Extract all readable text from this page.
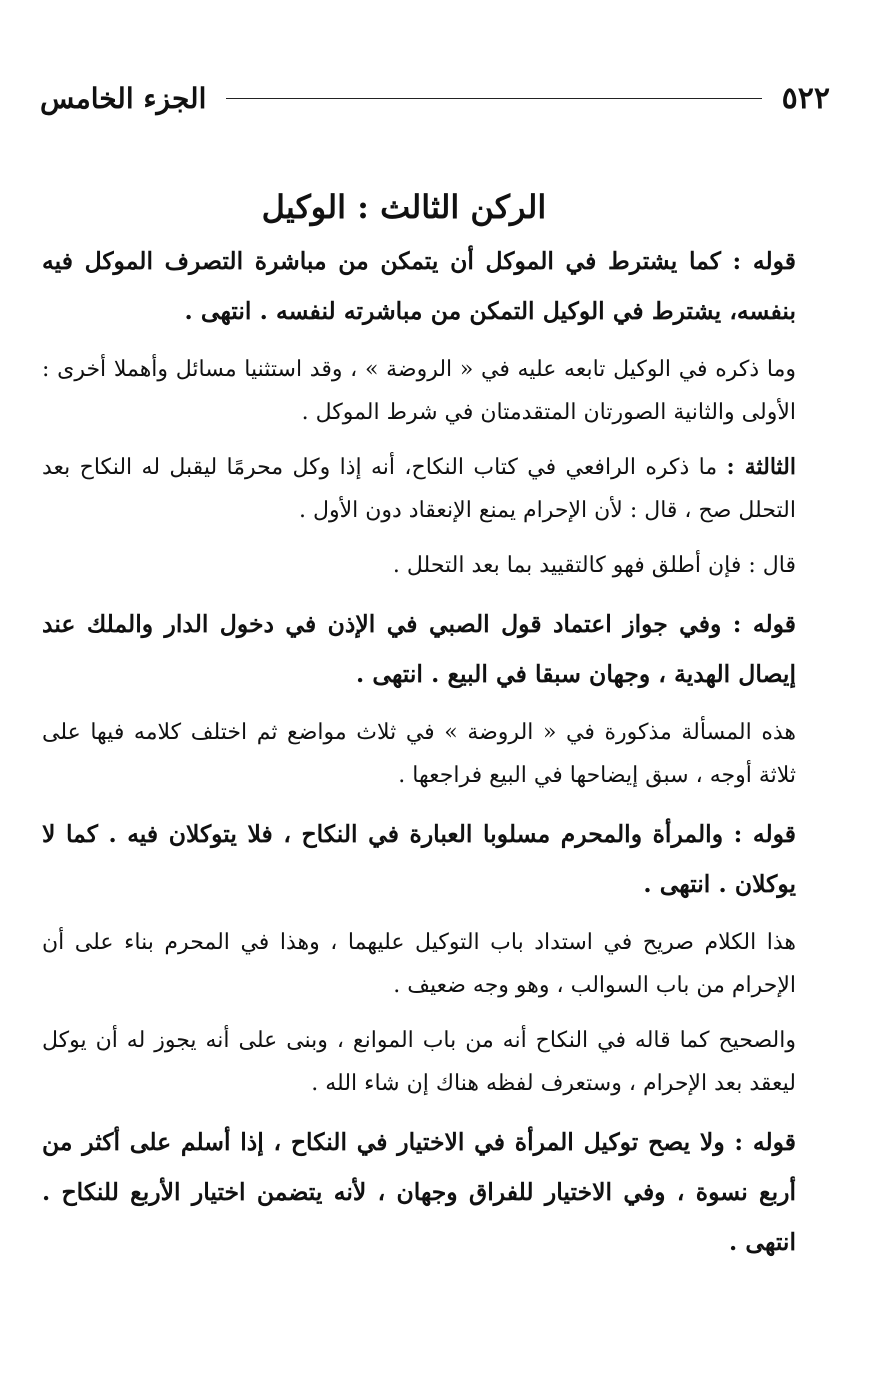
٥٢٢
الجزء الخامس
الركن الثالث : الوكيل

قوله : كما يشترط في الموكل أن يتمكن من مباشرة التصرف الموكل فيه بنفسه، يشترط في الوكيل التمكن من مباشرته لنفسه . انتهى .

وما ذكره في الوكيل تابعه عليه في « الروضة » ، وقد استثنيا مسائل وأهملا أخرى : الأولى والثانية الصورتان المتقدمتان في شرط الموكل .

الثالثة : ما ذكره الرافعي في كتاب النكاح، أنه إذا وكل محرمًا ليقبل له النكاح بعد التحلل صح ، قال : لأن الإحرام يمنع الإنعقاد دون الأول .

قال : فإن أطلق فهو كالتقييد بما بعد التحلل .

قوله : وفي جواز اعتماد قول الصبي في الإذن في دخول الدار والملك عند إيصال الهدية ، وجهان سبقا في البيع . انتهى .

هذه المسألة مذكورة في « الروضة » في ثلاث مواضع ثم اختلف كلامه فيها على ثلاثة أوجه ، سبق إيضاحها في البيع فراجعها .

قوله : والمرأة والمحرم مسلوبا العبارة في النكاح ، فلا يتوكلان فيه . كما لا يوكلان . انتهى .

هذا الكلام صريح في استداد باب التوكيل عليهما ، وهذا في المحرم بناء على أن الإحرام من باب السوالب ، وهو وجه ضعيف .

والصحيح كما قاله في النكاح أنه من باب الموانع ، وبنى على أنه يجوز له أن يوكل ليعقد بعد الإحرام ، وستعرف لفظه هناك إن شاء الله .

قوله : ولا يصح توكيل المرأة في الاختيار في النكاح ، إذا أسلم على أكثر من أربع نسوة ، وفي الاختيار للفراق وجهان ، لأنه يتضمن اختيار الأربع للنكاح . انتهى .
